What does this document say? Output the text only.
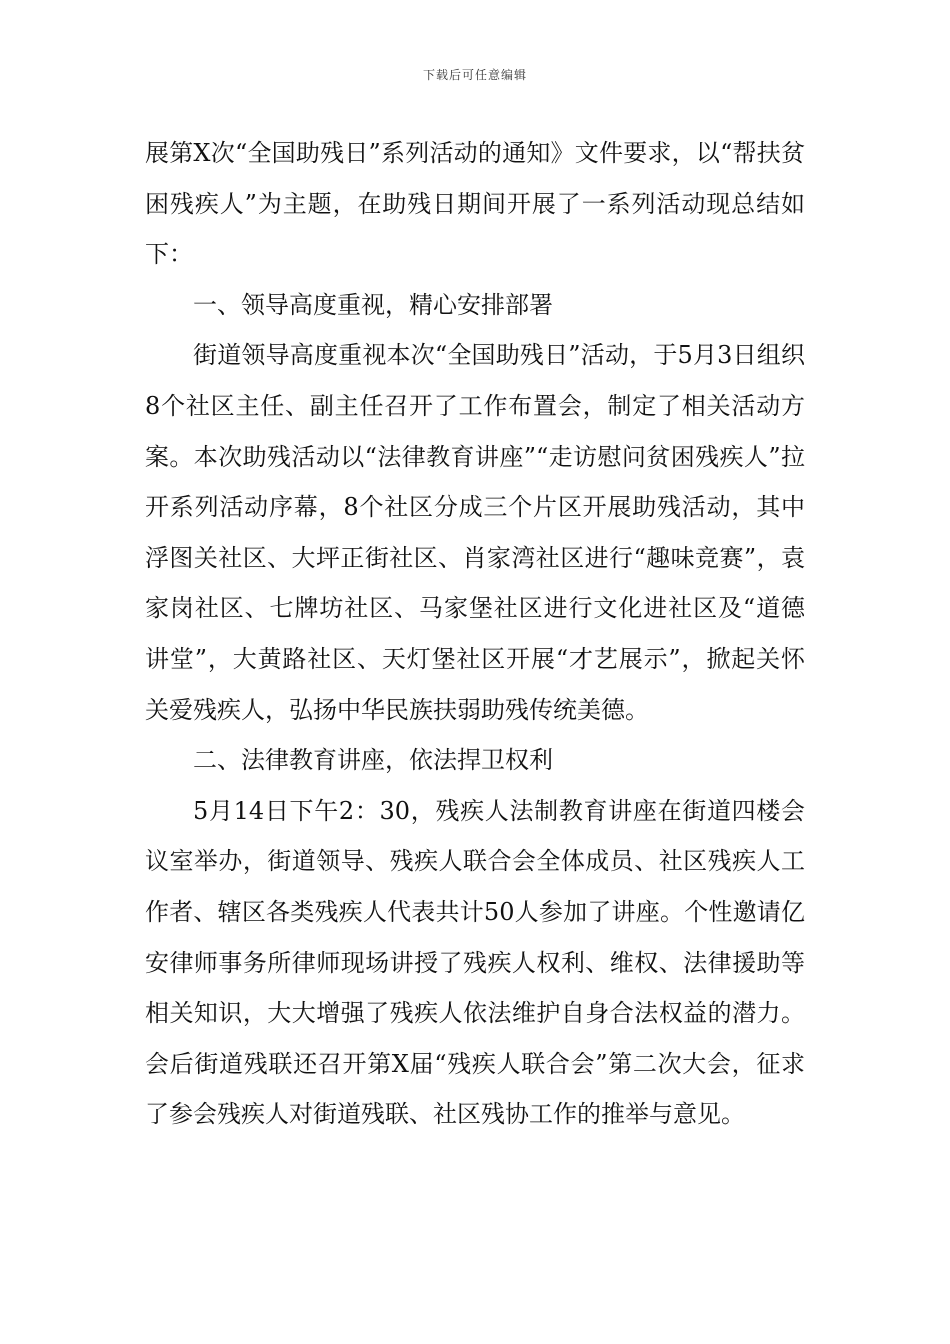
下载后可任意编辑

展第X次“全国助残日”系列活动的通知》文件要求，以“帮扶贫困残疾人”为主题，在助残日期间开展了一系列活动现总结如下：

一、领导高度重视，精心安排部署

街道领导高度重视本次“全国助残日”活动，于5月3日组织8个社区主任、副主任召开了工作布置会，制定了相关活动方案。本次助残活动以“法律教育讲座”“走访慰问贫困残疾人”拉开系列活动序幕，8个社区分成三个片区开展助残活动，其中浮图关社区、大坪正街社区、肖家湾社区进行“趣味竞赛”，袁家岗社区、七牌坊社区、马家堡社区进行文化进社区及“道德讲堂”，大黄路社区、天灯堡社区开展“才艺展示”，掀起关怀关爱残疾人，弘扬中华民族扶弱助残传统美德。

二、法律教育讲座，依法捍卫权利

5月14日下午2：30，残疾人法制教育讲座在街道四楼会议室举办，街道领导、残疾人联合会全体成员、社区残疾人工作者、辖区各类残疾人代表共计50人参加了讲座。个性邀请亿安律师事务所律师现场讲授了残疾人权利、维权、法律援助等相关知识，大大增强了残疾人依法维护自身合法权益的潜力。会后街道残联还召开第X届“残疾人联合会”第二次大会，征求了参会残疾人对街道残联、社区残协工作的推举与意见。
